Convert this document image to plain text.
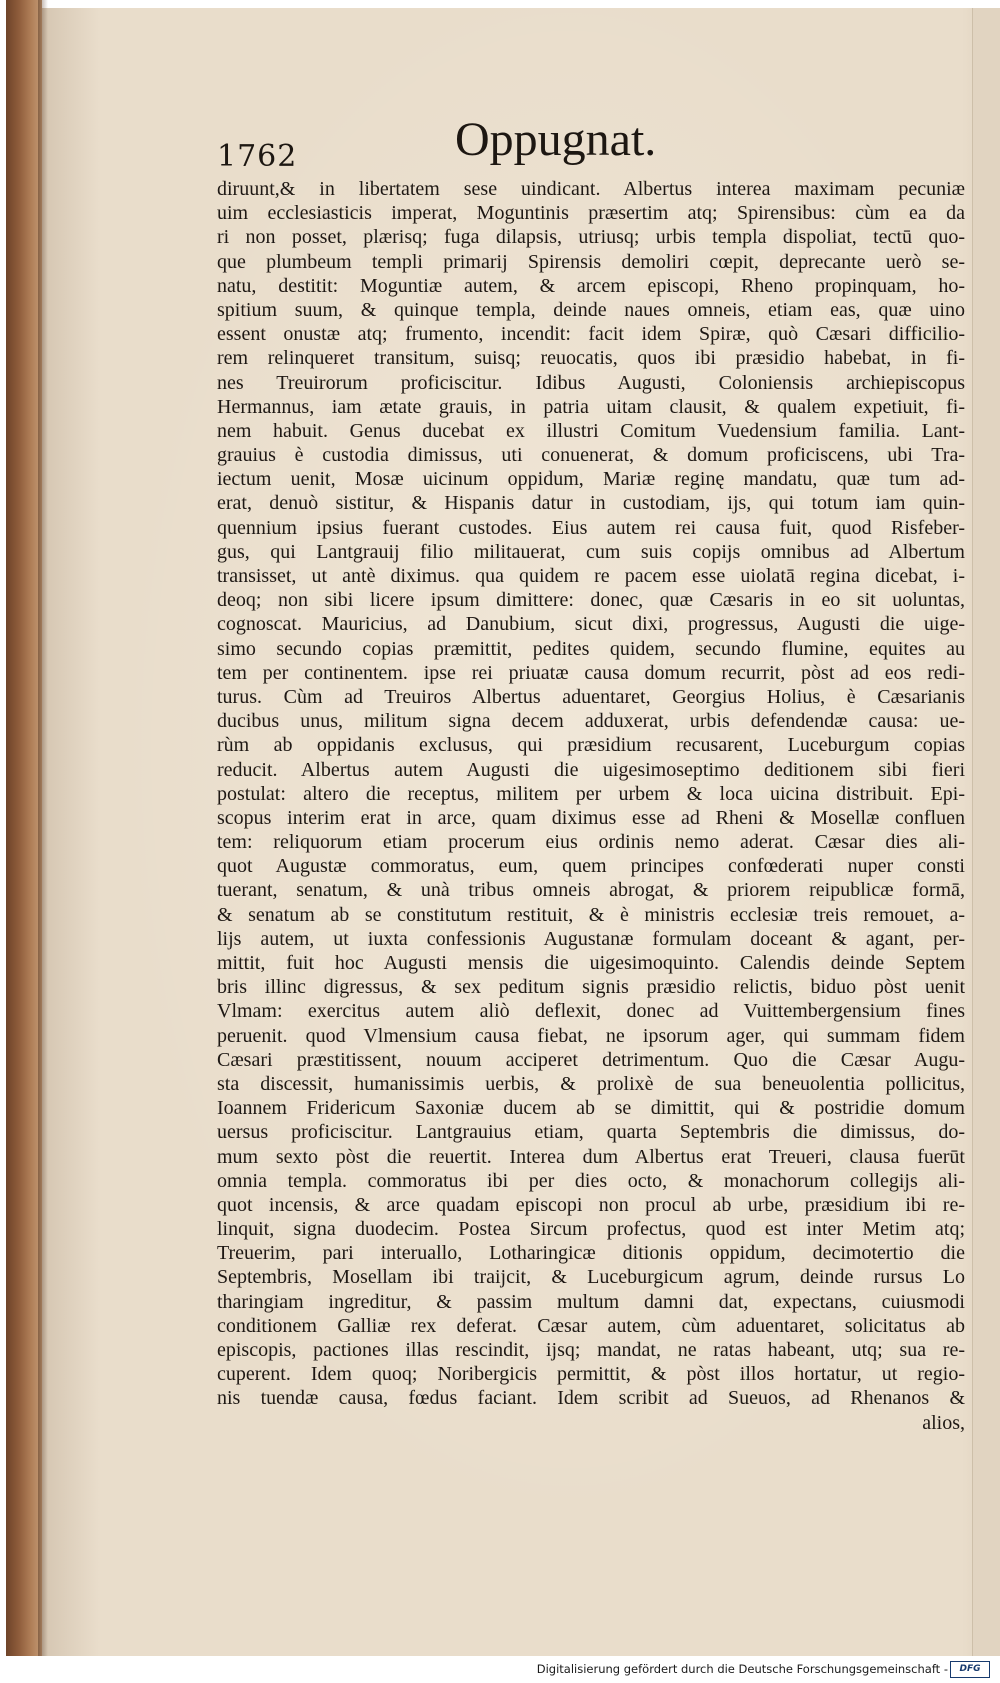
1762	Oppugnat.
diruunt,& in libertatem sese uindicant. Albertus interea maximam pecuniæ
uim ecclesiasticis imperat, Moguntinis præsertim atq; Spirensibus: cùm ea da
ri non posset, plærisq; fuga dilapsis, utriusq; urbis templa dispoliat, tectū quo-
que plumbeum templi primarij Spirensis demoliri cœpit, deprecante uerò se-
natu, destitit: Moguntiæ autem, & arcem episcopi, Rheno propinquam, ho-
spitium suum, & quinque templa, deinde naues omneis, etiam eas, quæ uino
essent onustæ atq; frumento, incendit: facit idem Spiræ, quò Cæsari difficilio-
rem relinqueret transitum, suisq; reuocatis, quos ibi præsidio habebat, in fi-
nes Treuirorum proficiscitur. Idibus Augusti, Coloniensis archiepiscopus
Hermannus, iam ætate grauis, in patria uitam clausit, & qualem expetiuit, fi-
nem habuit. Genus ducebat ex illustri Comitum Vuedensium familia. Lant-
grauius è custodia dimissus, uti conuenerat, & domum proficiscens, ubi Tra-
iectum uenit, Mosæ uicinum oppidum, Mariæ reginę mandatu, quæ tum ad-
erat, denuò sistitur, & Hispanis datur in custodiam, ijs, qui totum iam quin-
quennium ipsius fuerant custodes. Eius autem rei causa fuit, quod Risfeber-
gus, qui Lantgrauij filio militauerat, cum suis copijs omnibus ad Albertum
transisset, ut antè diximus. qua quidem re pacem esse uiolatā regina dicebat, i-
deoq; non sibi licere ipsum dimittere: donec, quæ Cæsaris in eo sit uoluntas,
cognoscat. Mauricius, ad Danubium, sicut dixi, progressus, Augusti die uige-
simo secundo copias præmittit, pedites quidem, secundo flumine, equites au
tem per continentem. ipse rei priuatæ causa domum recurrit, pòst ad eos redi-
turus. Cùm ad Treuiros Albertus aduentaret, Georgius Holius, è Cæsarianis
ducibus unus, militum signa decem adduxerat, urbis defendendæ causa: ue-
rùm ab oppidanis exclusus, qui præsidium recusarent, Luceburgum copias
reducit. Albertus autem Augusti die uigesimoseptimo deditionem sibi fieri
postulat: altero die receptus, militem per urbem & loca uicina distribuit. Epi-
scopus interim erat in arce, quam diximus esse ad Rheni & Mosellæ confluen
tem: reliquorum etiam procerum eius ordinis nemo aderat. Cæsar dies ali-
quot Augustæ commoratus, eum, quem principes confœderati nuper consti
tuerant, senatum, & unà tribus omneis abrogat, & priorem reipublicæ formā,
& senatum ab se constitutum restituit, & è ministris ecclesiæ treis remouet, a-
lijs autem, ut iuxta confessionis Augustanæ formulam doceant & agant, per-
mittit, fuit hoc Augusti mensis die uigesimoquinto. Calendis deinde Septem
bris illinc digressus, & sex peditum signis præsidio relictis, biduo pòst uenit
Vlmam: exercitus autem aliò deflexit, donec ad Vuittembergensium fines
peruenit. quod Vlmensium causa fiebat, ne ipsorum ager, qui summam fidem
Cæsari præstitissent, nouum acciperet detrimentum. Quo die Cæsar Augu-
sta discessit, humanissimis uerbis, & prolixè de sua beneuolentia pollicitus,
Ioannem Fridericum Saxoniæ ducem ab se dimittit, qui & postridie domum
uersus proficiscitur. Lantgrauius etiam, quarta Septembris die dimissus, do-
mum sexto pòst die reuertit. Interea dum Albertus erat Treueri, clausa fuerūt
omnia templa. commoratus ibi per dies octo, & monachorum collegijs ali-
quot incensis, & arce quadam episcopi non procul ab urbe, præsidium ibi re-
linquit, signa duodecim. Postea Sircum profectus, quod est inter Metim atq;
Treuerim, pari interuallo, Lotharingicæ ditionis oppidum, decimotertio die
Septembris, Mosellam ibi traijcit, & Luceburgicum agrum, deinde rursus Lo
tharingiam ingreditur, & passim multum damni dat, expectans, cuiusmodi
conditionem Galliæ rex deferat. Cæsar autem, cùm aduentaret, solicitatus ab
episcopis, pactiones illas rescindit, ijsq; mandat, ne ratas habeant, utq; sua re-
cuperent. Idem quoq; Noribergicis permittit, & pòst illos hortatur, ut regio-
nis tuendæ causa, fœdus faciant. Idem scribit ad Sueuos, ad Rhenanos &
alios,
Digitalisierung gefördert durch die Deutsche Forschungsgemeinschaft -	DFG
